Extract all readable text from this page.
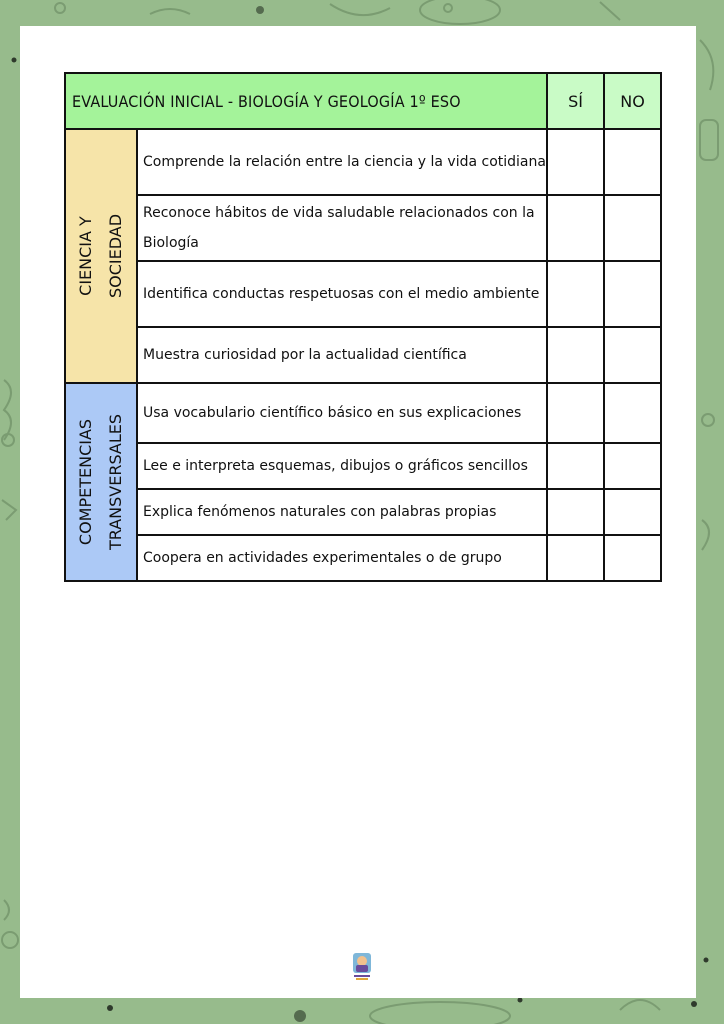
EVALUACIÓN INICIAL - BIOLOGÍA Y GEOLOGÍA 1º ESO		SÍ	NO

CIENCIA Y SOCIEDAD	Comprende la relación entre la ciencia y la vida cotidiana		
	Reconoce hábitos de vida saludable relacionados con la Biología		
	Identifica conductas respetuosas con el medio ambiente		
	Muestra curiosidad por la actualidad científica		

COMPETENCIAS TRANSVERSALES	Usa vocabulario científico básico en sus explicaciones		
	Lee e interpreta esquemas, dibujos o gráficos sencillos		
	Explica fenómenos naturales con palabras propias		
	Coopera en actividades experimentales o de grupo		
